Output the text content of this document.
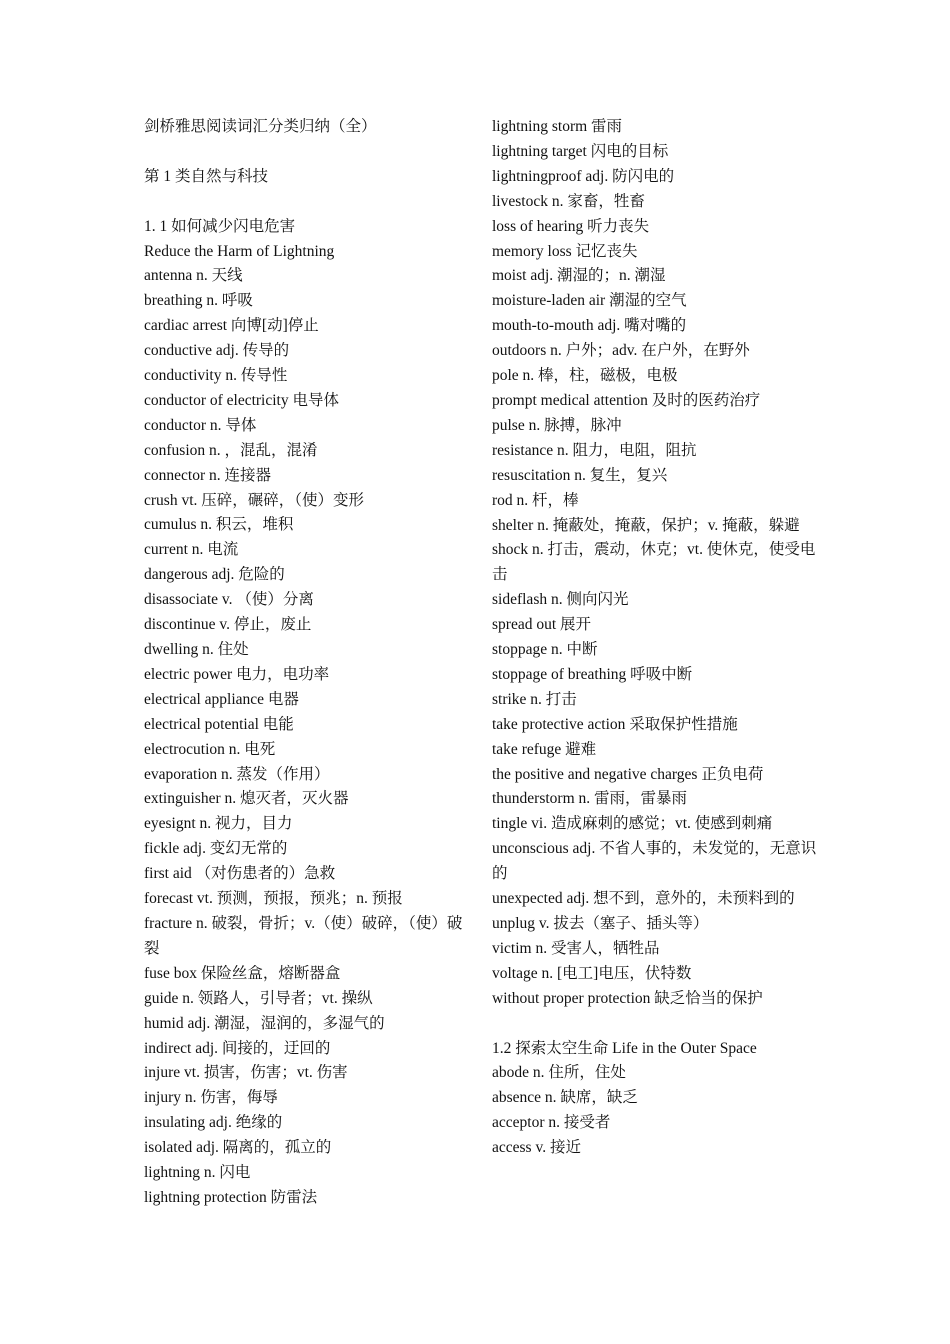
剑桥雅思阅读词汇分类归纳（全）
第 1 类自然与科技
1. 1 如何减少闪电危害
Reduce the Harm of Lightning
antenna n. 天线
breathing n. 呼吸
cardiac arrest 向博[动]停止
conductive adj. 传导的
conductivity n. 传导性
conductor of electricity 电导体
conductor n. 导体
confusion n. ，混乱，混淆
connector n. 连接器
crush vt. 压碎，碾碎，（使）变形
cumulus n. 积云，堆积
current n. 电流
dangerous adj. 危险的
disassociate v. （使）分离
discontinue v. 停止，废止
dwelling n. 住处
electric power 电力，电功率
electrical appliance 电器
electrical potential 电能
electrocution n. 电死
evaporation n. 蒸发（作用）
extinguisher n. 熄灭者，灭火器
eyesignt n. 视力，目力
fickle adj. 变幻无常的
first aid （对伤患者的）急救
forecast vt. 预测，预报，预兆；n. 预报
fracture n. 破裂，骨折；v.（使）破碎，（使）破裂
fuse box 保险丝盒，熔断器盒
guide n. 领路人，引导者；vt. 操纵
humid adj. 潮湿，湿润的，多湿气的
indirect adj. 间接的，迂回的
injure vt. 损害，伤害；vt. 伤害
injury n. 伤害，侮辱
insulating adj. 绝缘的
isolated adj. 隔离的，孤立的
lightning n. 闪电
lightning protection 防雷法
lightning storm 雷雨
lightning target 闪电的目标
lightningproof adj. 防闪电的
livestock n. 家畜，牲畜
loss of hearing 听力丧失
memory loss 记忆丧失
moist adj. 潮湿的；n. 潮湿
moisture-laden air 潮湿的空气
mouth-to-mouth adj. 嘴对嘴的
outdoors n. 户外；adv. 在户外，在野外
pole n. 棒，柱，磁极，电极
prompt medical attention 及时的医药治疗
pulse n. 脉搏，脉冲
resistance n. 阻力，电阻，阻抗
resuscitation n. 复生，复兴
rod n. 杆，棒
shelter n. 掩蔽处，掩蔽，保护；v. 掩蔽，躲避
shock n. 打击，震动，休克；vt. 使休克，使受电击
sideflash n. 侧向闪光
spread out 展开
stoppage n. 中断
stoppage of breathing 呼吸中断
strike n. 打击
take protective action 采取保护性措施
take refuge 避难
the positive and negative charges 正负电荷
thunderstorm n. 雷雨，雷暴雨
tingle vi. 造成麻刺的感觉；vt. 使感到刺痛
unconscious adj. 不省人事的，未发觉的，无意识的
unexpected adj. 想不到，意外的，未预料到的
unplug v. 拔去（塞子、插头等）
victim n. 受害人，牺牲品
voltage n. [电工]电压，伏特数
without proper protection 缺乏恰当的保护
1.2 探索太空生命 Life in the Outer Space
abode n. 住所，住处
absence n. 缺席，缺乏
acceptor n. 接受者
access v. 接近
